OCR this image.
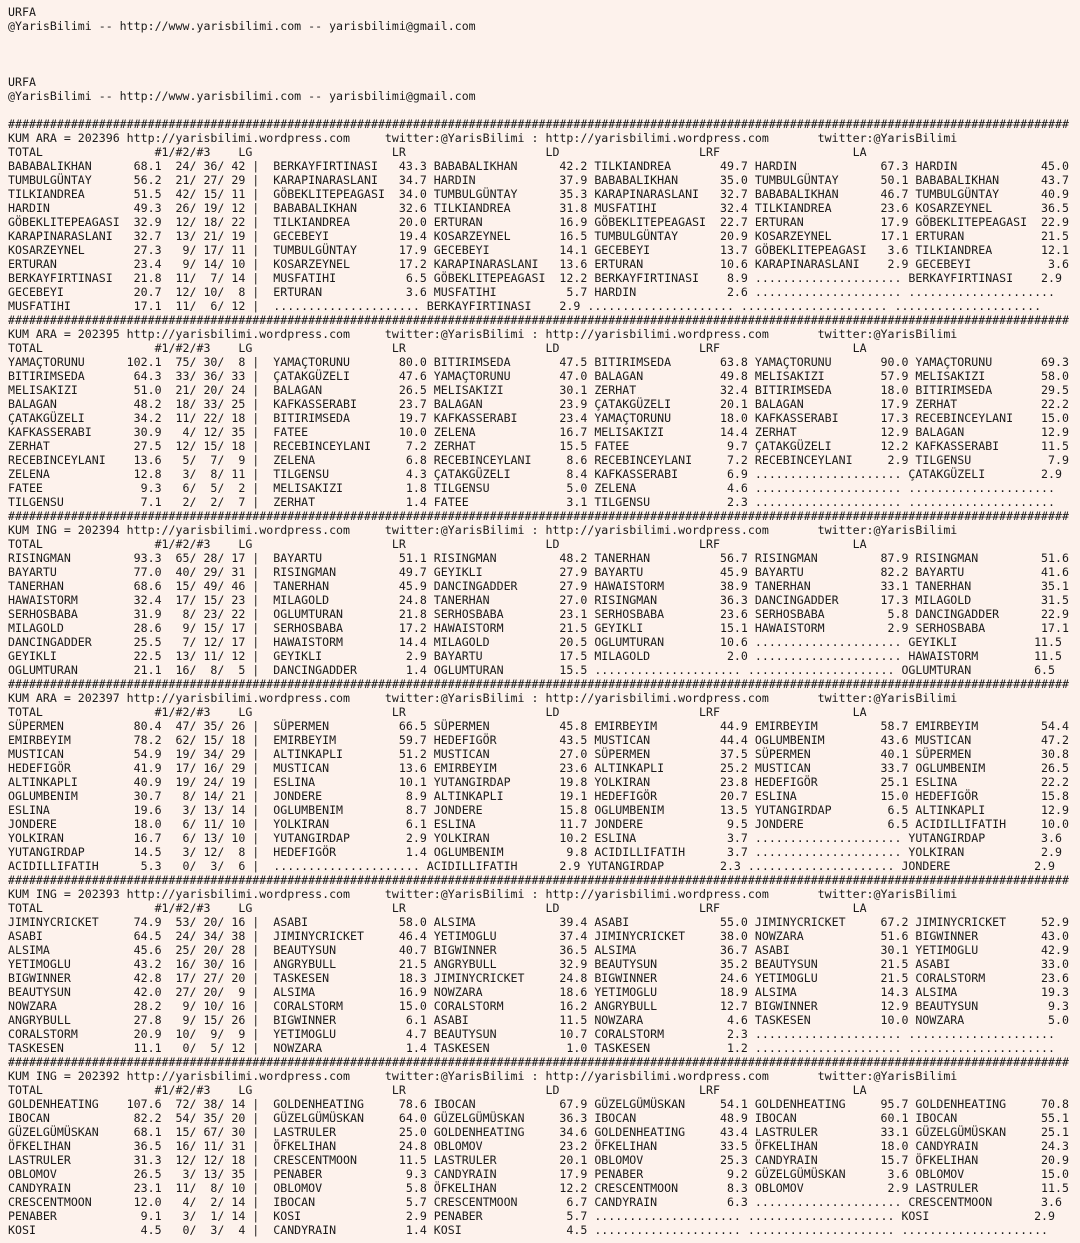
URFA
@YarisBilimi -- http://www.yarisbilimi.com -- yarisbilimi@gmail.com
URFA
@YarisBilimi -- http://www.yarisbilimi.com -- yarisbilimi@gmail.com
########################################################################################################################################################
KUM ARA = 202396 http://yarisbilimi.wordpress.com     twitter:@YarisBilimi : http://yarisbilimi.wordpress.com       twitter:@YarisBilimi
TOTAL                #1/#2/#3    LG                    LR                    LD                    LRF                   LA
BABABALIKHAN      68.1  24/ 36/ 42 |  BERKAYFIRTINASI   43.3 BABABALIKHAN      42.2 TILKIANDREA       49.7 HARDIN            67.3 HARDIN            45.0
TUMBULGÜNTAY      56.2  21/ 27/ 29 |  KARAPINARASLANI   34.7 HARDIN            37.9 BABABALIKHAN      35.0 TUMBULGÜNTAY      50.1 BABABALIKHAN      43.7
TILKIANDREA       51.5  42/ 15/ 11 |  GÖBEKLITEPEAGASI  34.0 TUMBULGÜNTAY      35.3 KARAPINARASLANI   32.7 BABABALIKHAN      46.7 TUMBULGÜNTAY      40.9
HARDIN            49.3  26/ 19/ 12 |  BABABALIKHAN      32.6 TILKIANDREA       31.8 MUSFATIHI         32.4 TILKIANDREA       23.6 KOSARZEYNEL       36.5
GÖBEKLITEPEAGASI  32.9  12/ 18/ 22 |  TILKIANDREA       20.0 ERTURAN           16.9 GÖBEKLITEPEAGASI  22.7 ERTURAN           17.9 GÖBEKLITEPEAGASI  22.9
KARAPINARASLANI   32.7  13/ 21/ 19 |  GECEBEYI          19.4 KOSARZEYNEL       16.5 TUMBULGÜNTAY      20.9 KOSARZEYNEL       17.1 ERTURAN           21.5
KOSARZEYNEL       27.3   9/ 17/ 11 |  TUMBULGÜNTAY      17.9 GECEBEYI          14.1 GECEBEYI          13.7 GÖBEKLITEPEAGASI   3.6 TILKIANDREA       12.1
ERTURAN           23.4   9/ 14/ 10 |  KOSARZEYNEL       17.2 KARAPINARASLANI   13.6 ERTURAN           10.6 KARAPINARASLANI    2.9 GECEBEYI           3.6
BERKAYFIRTINASI   21.8  11/  7/ 14 |  MUSFATIHI          6.5 GÖBEKLITEPEAGASI  12.2 BERKAYFIRTINASI    8.9 ..................... BERKAYFIRTINASI    2.9
GECEBEYI          20.7  12/ 10/  8 |  ERTURAN            3.6 MUSFATIHI          5.7 HARDIN             2.6 ..................... .....................
MUSFATIHI         17.1  11/  6/ 12 |  ..................... BERKAYFIRTINASI    2.9 ..................... ..................... .....................
########################################################################################################################################################
KUM ARA = 202395 http://yarisbilimi.wordpress.com     twitter:@YarisBilimi : http://yarisbilimi.wordpress.com       twitter:@YarisBilimi
TOTAL                #1/#2/#3    LG                    LR                    LD                    LRF                   LA
YAMAÇTORUNU      102.1  75/ 30/  8 |  YAMAÇTORUNU       80.0 BITIRIMSEDA       47.5 BITIRIMSEDA       63.8 YAMAÇTORUNU       90.0 YAMAÇTORUNU       69.3
BITIRIMSEDA       64.3  33/ 36/ 33 |  ÇATAKGÜZELI       47.6 YAMAÇTORUNU       47.0 BALAGAN           49.8 MELISAKIZI        57.9 MELISAKIZI        58.0
MELISAKIZI        51.0  21/ 20/ 24 |  BALAGAN           26.5 MELISAKIZI        30.1 ZERHAT            32.4 BITIRIMSEDA       18.0 BITIRIMSEDA       29.5
BALAGAN           48.2  18/ 33/ 25 |  KAFKASSERABI      23.7 BALAGAN           23.9 ÇATAKGÜZELI       20.1 BALAGAN           17.9 ZERHAT            22.2
ÇATAKGÜZELI       34.2  11/ 22/ 18 |  BITIRIMSEDA       19.7 KAFKASSERABI      23.4 YAMAÇTORUNU       18.0 KAFKASSERABI      17.3 RECEBINCEYLANI    15.0
KAFKASSERABI      30.9   4/ 12/ 35 |  FATEE             10.0 ZELENA            16.7 MELISAKIZI        14.4 ZERHAT            12.9 BALAGAN           12.9
ZERHAT            27.5  12/ 15/ 18 |  RECEBINCEYLANI     7.2 ZERHAT            15.5 FATEE              9.7 ÇATAKGÜZELI       12.2 KAFKASSERABI      11.5
RECEBINCEYLANI    13.6   5/  7/  9 |  ZELENA             6.8 RECEBINCEYLANI     8.6 RECEBINCEYLANI     7.2 RECEBINCEYLANI     2.9 TILGENSU           7.9
ZELENA            12.8   3/  8/ 11 |  TILGENSU           4.3 ÇATAKGÜZELI        8.4 KAFKASSERABI       6.9 ..................... ÇATAKGÜZELI        2.9
FATEE              9.3   6/  5/  2 |  MELISAKIZI         1.8 TILGENSU           5.0 ZELENA             4.6 ..................... .....................
TILGENSU           7.1   2/  2/  7 |  ZERHAT             1.4 FATEE              3.1 TILGENSU           2.3 ..................... .....................
########################################################################################################################################################
KUM ING = 202394 http://yarisbilimi.wordpress.com     twitter:@YarisBilimi : http://yarisbilimi.wordpress.com       twitter:@YarisBilimi
TOTAL                #1/#2/#3    LG                    LR                    LD                    LRF                   LA
RISINGMAN         93.3  65/ 28/ 17 |  BAYARTU           51.1 RISINGMAN         48.2 TANERHAN          56.7 RISINGMAN         87.9 RISINGMAN         51.6
BAYARTU           77.0  40/ 29/ 31 |  RISINGMAN         49.7 GEYIKLI           27.9 BAYARTU           45.9 BAYARTU           82.2 BAYARTU           41.6
TANERHAN          68.6  15/ 49/ 46 |  TANERHAN          45.9 DANCINGADDER      27.9 HAWAISTORM        38.9 TANERHAN          33.1 TANERHAN          35.1
HAWAISTORM        32.4  17/ 15/ 23 |  MILAGOLD          24.8 TANERHAN          27.0 RISINGMAN         36.3 DANCINGADDER      17.3 MILAGOLD          31.5
SERHOSBABA        31.9   8/ 23/ 22 |  OGLUMTURAN        21.8 SERHOSBABA        23.1 SERHOSBABA        23.6 SERHOSBABA         5.8 DANCINGADDER      22.9
MILAGOLD          28.6   9/ 15/ 17 |  SERHOSBABA        17.2 HAWAISTORM        21.5 GEYIKLI           15.1 HAWAISTORM         2.9 SERHOSBABA        17.1
DANCINGADDER      25.5   7/ 12/ 17 |  HAWAISTORM        14.4 MILAGOLD          20.5 OGLUMTURAN        10.6 ..................... GEYIKLI           11.5
GEYIKLI           22.5  13/ 11/ 12 |  GEYIKLI            2.9 BAYARTU           17.5 MILAGOLD           2.0 ..................... HAWAISTORM        11.5
OGLUMTURAN        21.1  16/  8/  5 |  DANCINGADDER       1.4 OGLUMTURAN        15.5 ..................... ..................... OGLUMTURAN         6.5
########################################################################################################################################################
KUM ARA = 202397 http://yarisbilimi.wordpress.com     twitter:@YarisBilimi : http://yarisbilimi.wordpress.com       twitter:@YarisBilimi
TOTAL                #1/#2/#3    LG                    LR                    LD                    LRF                   LA
SÜPERMEN          80.4  47/ 35/ 26 |  SÜPERMEN          66.5 SÜPERMEN          45.8 EMIRBEYIM         44.9 EMIRBEYIM         58.7 EMIRBEYIM         54.4
EMIRBEYIM         78.2  62/ 15/ 18 |  EMIRBEYIM         59.7 HEDEFIGÖR         43.5 MUSTICAN          44.4 OGLUMBENIM        43.6 MUSTICAN          47.2
MUSTICAN          54.9  19/ 34/ 29 |  ALTINKAPLI        51.2 MUSTICAN          27.0 SÜPERMEN          37.5 SÜPERMEN          40.1 SÜPERMEN          30.8
HEDEFIGÖR         41.9  17/ 16/ 29 |  MUSTICAN          13.6 EMIRBEYIM         23.6 ALTINKAPLI        25.2 MUSTICAN          33.7 OGLUMBENIM        26.5
ALTINKAPLI        40.9  19/ 24/ 19 |  ESLINA            10.1 YUTANGIRDAP       19.8 YOLKIRAN          23.8 HEDEFIGÖR         25.1 ESLINA            22.2
OGLUMBENIM        30.7   8/ 14/ 21 |  JONDERE            8.9 ALTINKAPLI        19.1 HEDEFIGÖR         20.7 ESLINA            15.0 HEDEFIGÖR         15.8
ESLINA            19.6   3/ 13/ 14 |  OGLUMBENIM         8.7 JONDERE           15.8 OGLUMBENIM        13.5 YUTANGIRDAP        6.5 ALTINKAPLI        12.9
JONDERE           18.0   6/ 11/ 10 |  YOLKIRAN           6.1 ESLINA            11.7 JONDERE            9.5 JONDERE            6.5 ACIDILLIFATIH     10.0
YOLKIRAN          16.7   6/ 13/ 10 |  YUTANGIRDAP        2.9 YOLKIRAN          10.2 ESLINA             3.7 ..................... YUTANGIRDAP        3.6
YUTANGIRDAP       14.5   3/ 12/  8 |  HEDEFIGÖR          1.4 OGLUMBENIM         9.8 ACIDILLIFATIH      3.7 ..................... YOLKIRAN           2.9
ACIDILLIFATIH      5.3   0/  3/  6 |  ..................... ACIDILLIFATIH      2.9 YUTANGIRDAP        2.3 ..................... JONDERE            2.9
########################################################################################################################################################
KUM ING = 202393 http://yarisbilimi.wordpress.com     twitter:@YarisBilimi : http://yarisbilimi.wordpress.com       twitter:@YarisBilimi
TOTAL                #1/#2/#3    LG                    LR                    LD                    LRF                   LA
JIMINYCRICKET     74.9  53/ 20/ 16 |  ASABI             58.0 ALSIMA            39.4 ASABI             55.0 JIMINYCRICKET     67.2 JIMINYCRICKET     52.9
ASABI             64.5  24/ 34/ 38 |  JIMINYCRICKET     46.4 YETIMOGLU         37.4 JIMINYCRICKET     38.0 NOWZARA           51.6 BIGWINNER         43.0
ALSIMA            45.6  25/ 20/ 28 |  BEAUTYSUN         40.7 BIGWINNER         36.5 ALSIMA            36.7 ASABI             30.1 YETIMOGLU         42.9
YETIMOGLU         43.2  16/ 30/ 16 |  ANGRYBULL         21.5 ANGRYBULL         32.9 BEAUTYSUN         35.2 BEAUTYSUN         21.5 ASABI             33.0
BIGWINNER         42.8  17/ 27/ 20 |  TASKESEN          18.3 JIMINYCRICKET     24.8 BIGWINNER         24.6 YETIMOGLU         21.5 CORALSTORM        23.6
BEAUTYSUN         42.0  27/ 20/  9 |  ALSIMA            16.9 NOWZARA           18.6 YETIMOGLU         18.9 ALSIMA            14.3 ALSIMA            19.3
NOWZARA           28.2   9/ 10/ 16 |  CORALSTORM        15.0 CORALSTORM        16.2 ANGRYBULL         12.7 BIGWINNER         12.9 BEAUTYSUN          9.3
ANGRYBULL         27.8   9/ 15/ 26 |  BIGWINNER          6.1 ASABI             11.5 NOWZARA            4.6 TASKESEN          10.0 NOWZARA            5.0
CORALSTORM        20.9  10/  9/  9 |  YETIMOGLU          4.7 BEAUTYSUN         10.7 CORALSTORM         2.3 ..................... .....................
TASKESEN          11.1   0/  5/ 12 |  NOWZARA            1.4 TASKESEN           1.0 TASKESEN           1.2 ..................... .....................
########################################################################################################################################################
KUM ING = 202392 http://yarisbilimi.wordpress.com     twitter:@YarisBilimi : http://yarisbilimi.wordpress.com       twitter:@YarisBilimi
TOTAL                #1/#2/#3    LG                    LR                    LD                    LRF                   LA
GOLDENHEATING    107.6  72/ 38/ 14 |  GOLDENHEATING     78.6 IBOCAN            67.9 GÜZELGÜMÜSKAN     54.1 GOLDENHEATING     95.7 GOLDENHEATING     70.8
IBOCAN            82.2  54/ 35/ 20 |  GÜZELGÜMÜSKAN     64.0 GÜZELGÜMÜSKAN     36.3 IBOCAN            48.9 IBOCAN            60.1 IBOCAN            55.1
GÜZELGÜMÜSKAN     68.1  15/ 67/ 30 |  LASTRULER         25.0 GOLDENHEATING     34.6 GOLDENHEATING     43.4 LASTRULER         33.1 GÜZELGÜMÜSKAN     25.1
ÖFKELIHAN         36.5  16/ 11/ 31 |  ÖFKELIHAN         24.8 OBLOMOV           23.2 ÖFKELIHAN         33.5 ÖFKELIHAN         18.0 CANDYRAIN         24.3
LASTRULER         31.3  12/ 12/ 18 |  CRESCENTMOON      11.5 LASTRULER         20.1 OBLOMOV           25.3 CANDYRAIN         15.7 ÖFKELIHAN         20.9
OBLOMOV           26.5   3/ 13/ 35 |  PENABER            9.3 CANDYRAIN         17.9 PENABER            9.2 GÜZELGÜMÜSKAN      3.6 OBLOMOV           15.0
CANDYRAIN         23.1  11/  8/ 10 |  OBLOMOV            5.8 ÖFKELIHAN         12.2 CRESCENTMOON       8.3 OBLOMOV            2.9 LASTRULER         11.5
CRESCENTMOON      12.0   4/  2/ 14 |  IBOCAN             5.7 CRESCENTMOON       6.7 CANDYRAIN          6.3 ..................... CRESCENTMOON       3.6
PENABER            9.1   3/  1/ 14 |  KOSI               2.9 PENABER            5.7 ..................... ..................... KOSI               2.9
KOSI               4.5   0/  3/  4 |  CANDYRAIN          1.4 KOSI               4.5 ..................... ..................... .....................
